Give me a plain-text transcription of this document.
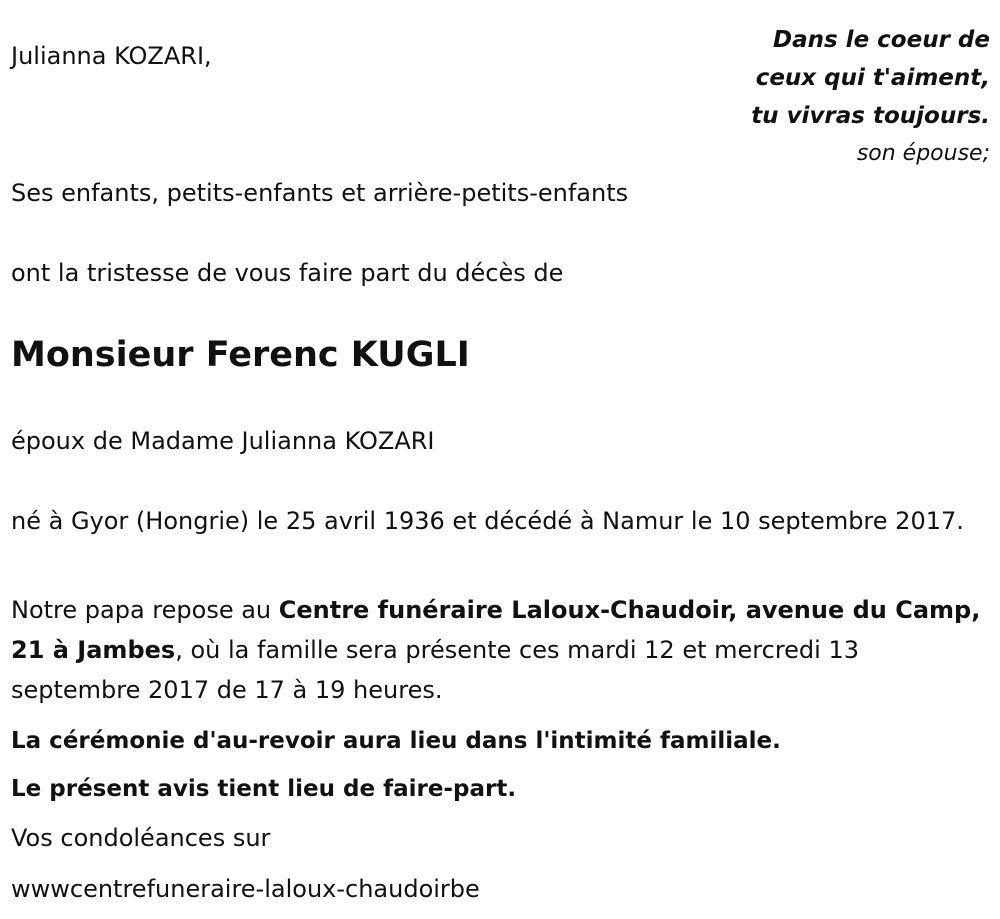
Julianna KOZARI,

Dans le coeur de
ceux qui t'aiment,
tu vivras toujours.

son épouse;

Ses enfants, petits-enfants et arrière-petits-enfants

ont la tristesse de vous faire part du décès de

Monsieur Ferenc KUGLI

époux de Madame Julianna KOZARI

né à Gyor (Hongrie) le 25 avril 1936 et décédé à Namur le 10 septembre 2017.

Notre papa repose au Centre funéraire Laloux-Chaudoir, avenue du Camp, 21 à Jambes, où la famille sera présente ces mardi 12 et mercredi 13 septembre 2017 de 17 à 19 heures.

La cérémonie d'au-revoir aura lieu dans l'intimité familiale.

Le présent avis tient lieu de faire-part.

Vos condoléances sur

wwwcentrefuneraire-laloux-chaudoirbe
